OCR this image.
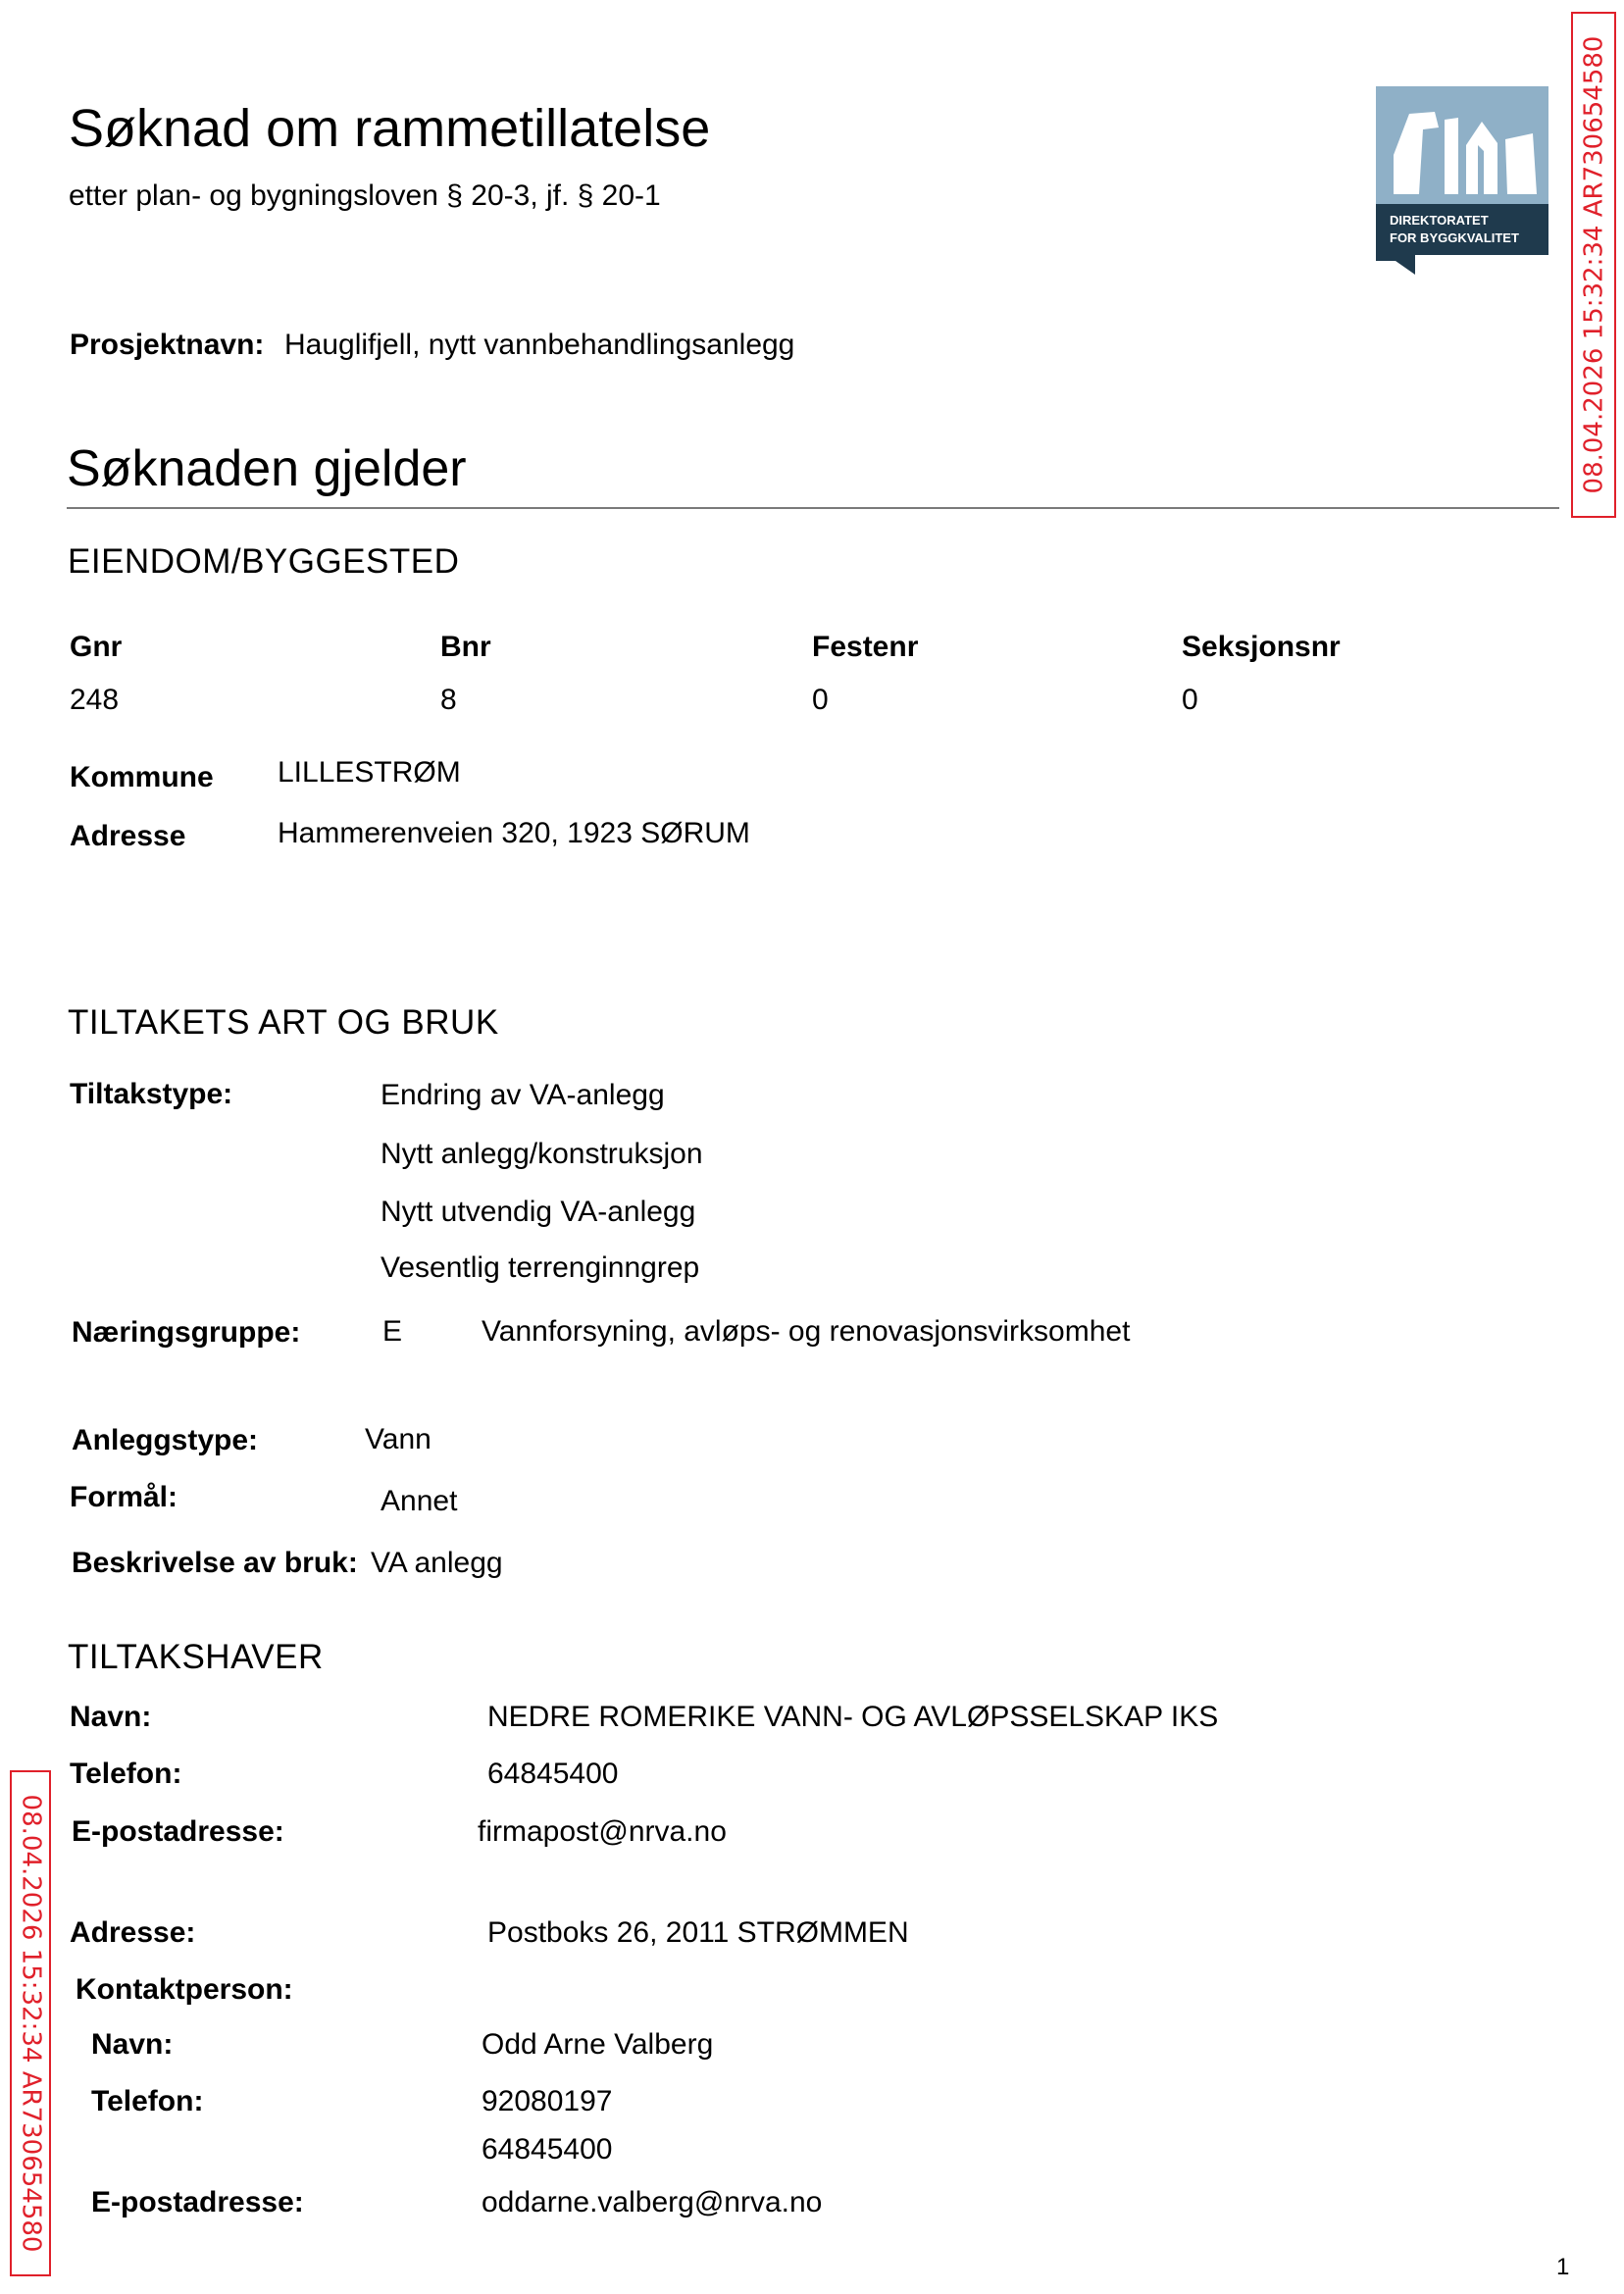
Søknad om rammetillatelse
etter plan- og bygningsloven § 20-3, jf. § 20-1
DIREKTORATET
FOR BYGGKVALITET 08.04.2026 15:32:34 AR730654580
08.04.2026 15:32:34 AR730654580
Prosjektnavn: Hauglifjell, nytt vannbehandlingsanlegg
Søknaden gjelder
EIENDOM/BYGGESTED
Gnr	Bnr	Festenr	Seksjonsnr
248	8	0	0
Kommune LILLESTRØM
Adresse	Hammerenveien 320, 1923 SØRUM
TILTAKETS ART OG BRUK
Tiltakstype:	Endring av VA-anlegg
Nytt anlegg/konstruksjon
Nytt utvendig VA-anlegg
Vesentlig terrenginngrep
Næringsgruppe:	E	Vannforsyning, avløps- og renovasjonsvirksomhet
Anleggstype:	Vann
Formål:	Annet
Beskrivelse av bruk: VA anlegg
TILTAKSHAVER
Navn:	NEDRE ROMERIKE VANN- OG AVLØPSSELSKAP IKS
Telefon:	64845400
E-postadresse:	firmapost@nrva.no
Adresse:	Postboks 26, 2011 STRØMMEN
Kontaktperson:
Navn:	Odd Arne Valberg
Telefon:	92080197
64845400
E-postadresse:	oddarne.valberg@nrva.no
1
